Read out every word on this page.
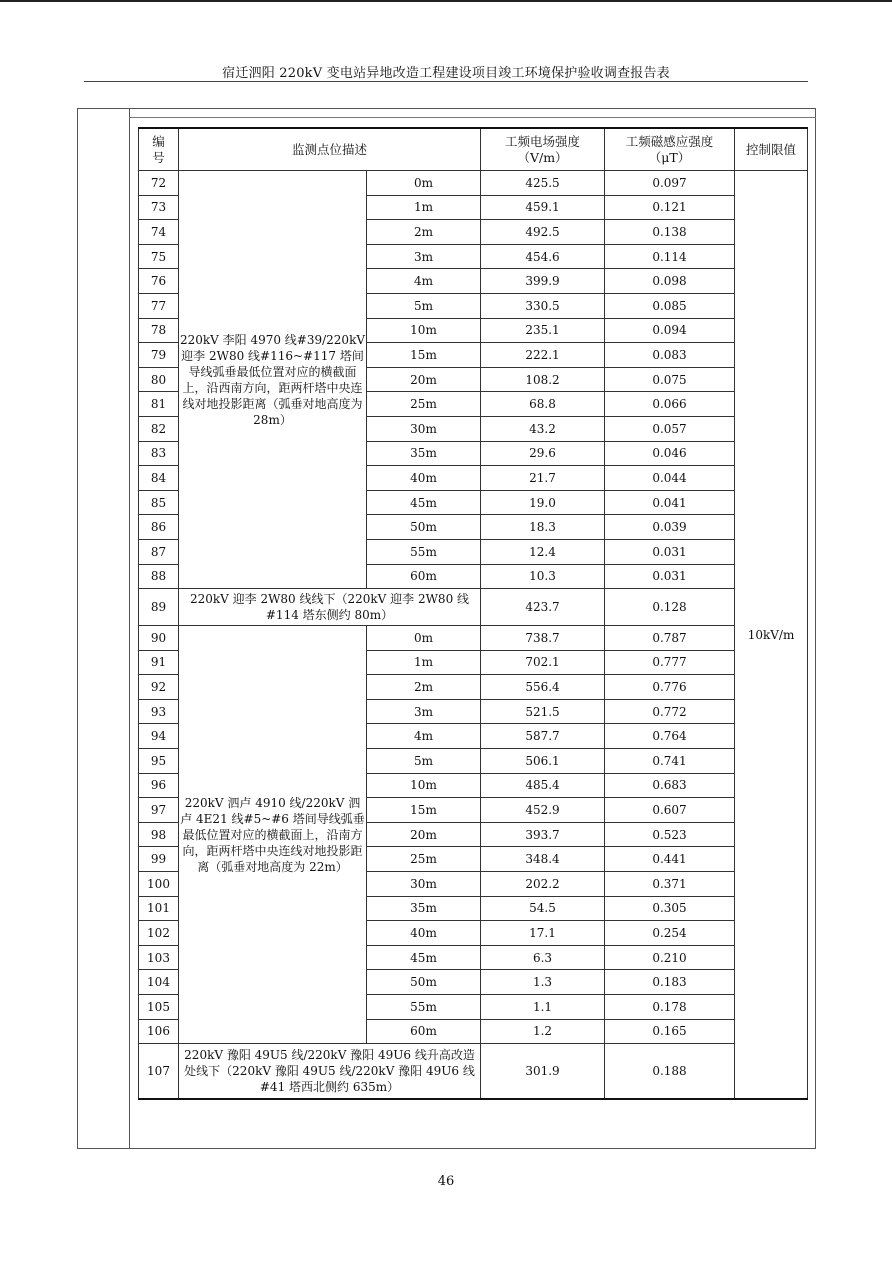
宿迁泗阳 220kV 变电站异地改造工程建设项目竣工环境保护验收调查报告表
编
号	监测点位描述		工频电场强度
（V/m）	工频磁感应强度
（μT）	控制限值
72	220kV 李阳 4970 线#39/220kV 迎李 2W80 线#116~#117 塔间导线弧垂最低位置对应的横截面上，沿西南方向，距两杆塔中央连线对地投影距离（弧垂对地高度为 28m）	0m	425.5	0.097	10kV/m
73		1m	459.1	0.121	
74		2m	492.5	0.138	
75		3m	454.6	0.114	
76		4m	399.9	0.098	
77		5m	330.5	0.085	
78		10m	235.1	0.094	
79		15m	222.1	0.083	
80		20m	108.2	0.075	
81		25m	68.8	0.066	
82		30m	43.2	0.057	
83		35m	29.6	0.046	
84		40m	21.7	0.044	
85		45m	19.0	0.041	
86		50m	18.3	0.039	
87		55m	12.4	0.031	
88		60m	10.3	0.031	
89	220kV 迎李 2W80 线线下（220kV 迎李 2W80 线#114 塔东侧约 80m）		423.7	0.128	
90	220kV 泗卢 4910 线/220kV 泗卢 4E21 线#5~#6 塔间导线弧垂最低位置对应的横截面上，沿南方向，距两杆塔中央连线对地投影距离（弧垂对地高度为 22m）	0m	738.7	0.787	
91		1m	702.1	0.777	
92		2m	556.4	0.776	
93		3m	521.5	0.772	
94		4m	587.7	0.764	
95		5m	506.1	0.741	
96		10m	485.4	0.683	
97		15m	452.9	0.607	
98		20m	393.7	0.523	
99		25m	348.4	0.441	
100		30m	202.2	0.371	
101		35m	54.5	0.305	
102		40m	17.1	0.254	
103		45m	6.3	0.210	
104		50m	1.3	0.183	
105		55m	1.1	0.178	
106		60m	1.2	0.165	
107	220kV 豫阳 49U5 线/220kV 豫阳 49U6 线升高改造处线下（220kV 豫阳 49U5 线/220kV 豫阳 49U6 线#41 塔西北侧约 635m）		301.9	0.188	
46
